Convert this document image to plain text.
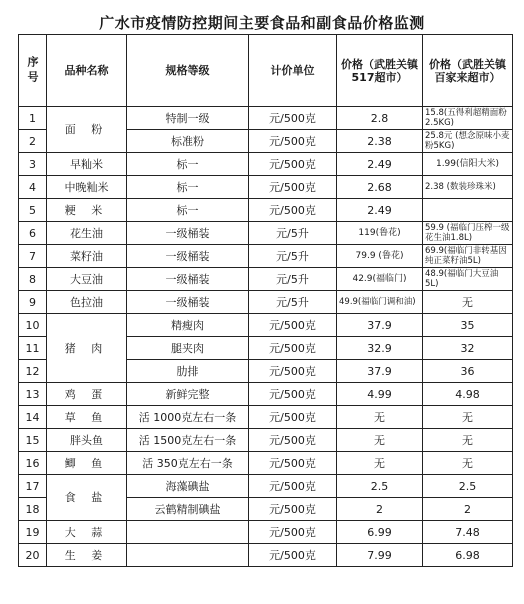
广水市疫情防控期间主要食品和副食品价格监测
序号	品种名称	规格等级	计价单位	价格（武胜关镇517超市）	价格（武胜关镇百家来超市）
1	面 粉	特制一级	元/500克	2.8	15.8(五得利超精面粉2.5KG)
2		标准粉	元/500克	2.38	25.8元 (想念原味小麦粉5KG)
3	早籼米	标一	元/500克	2.49	1.99(信阳大米)
4	中晚籼米	标一	元/500克	2.68	2.38 (数装珍珠米)
5	粳 米	标一	元/500克	2.49	
6	花生油	一级桶装	元/5升	119(鲁花)	59.9 (福临门压榨一级花生油1.8L)
7	菜籽油	一级桶装	元/5升	79.9 (鲁花)	69.9(福临门非转基因纯正菜籽油5L)
8	大豆油	一级桶装	元/5升	42.9(福临门)	48.9(福临门大豆油5L)
9	色拉油	一级桶装	元/5升	49.9(福临门调和油)	无
10	猪 肉	精瘦肉	元/500克	37.9	35
11		腿夹肉	元/500克	32.9	32
12		肋排	元/500克	37.9	36
13	鸡 蛋	新鲜完整	元/500克	4.99	4.98
14	草 鱼	活 1000克左右一条	元/500克	无	无
15	胖头鱼	活 1500克左右一条	元/500克	无	无
16	鲫 鱼	活 350克左右一条	元/500克	无	无
17	食 盐	海藻碘盐	元/500克	2.5	2.5
18		云鹤精制碘盐	元/500克	2	2
19	大 蒜		元/500克	6.99	7.48
20	生 姜		元/500克	7.99	6.98
